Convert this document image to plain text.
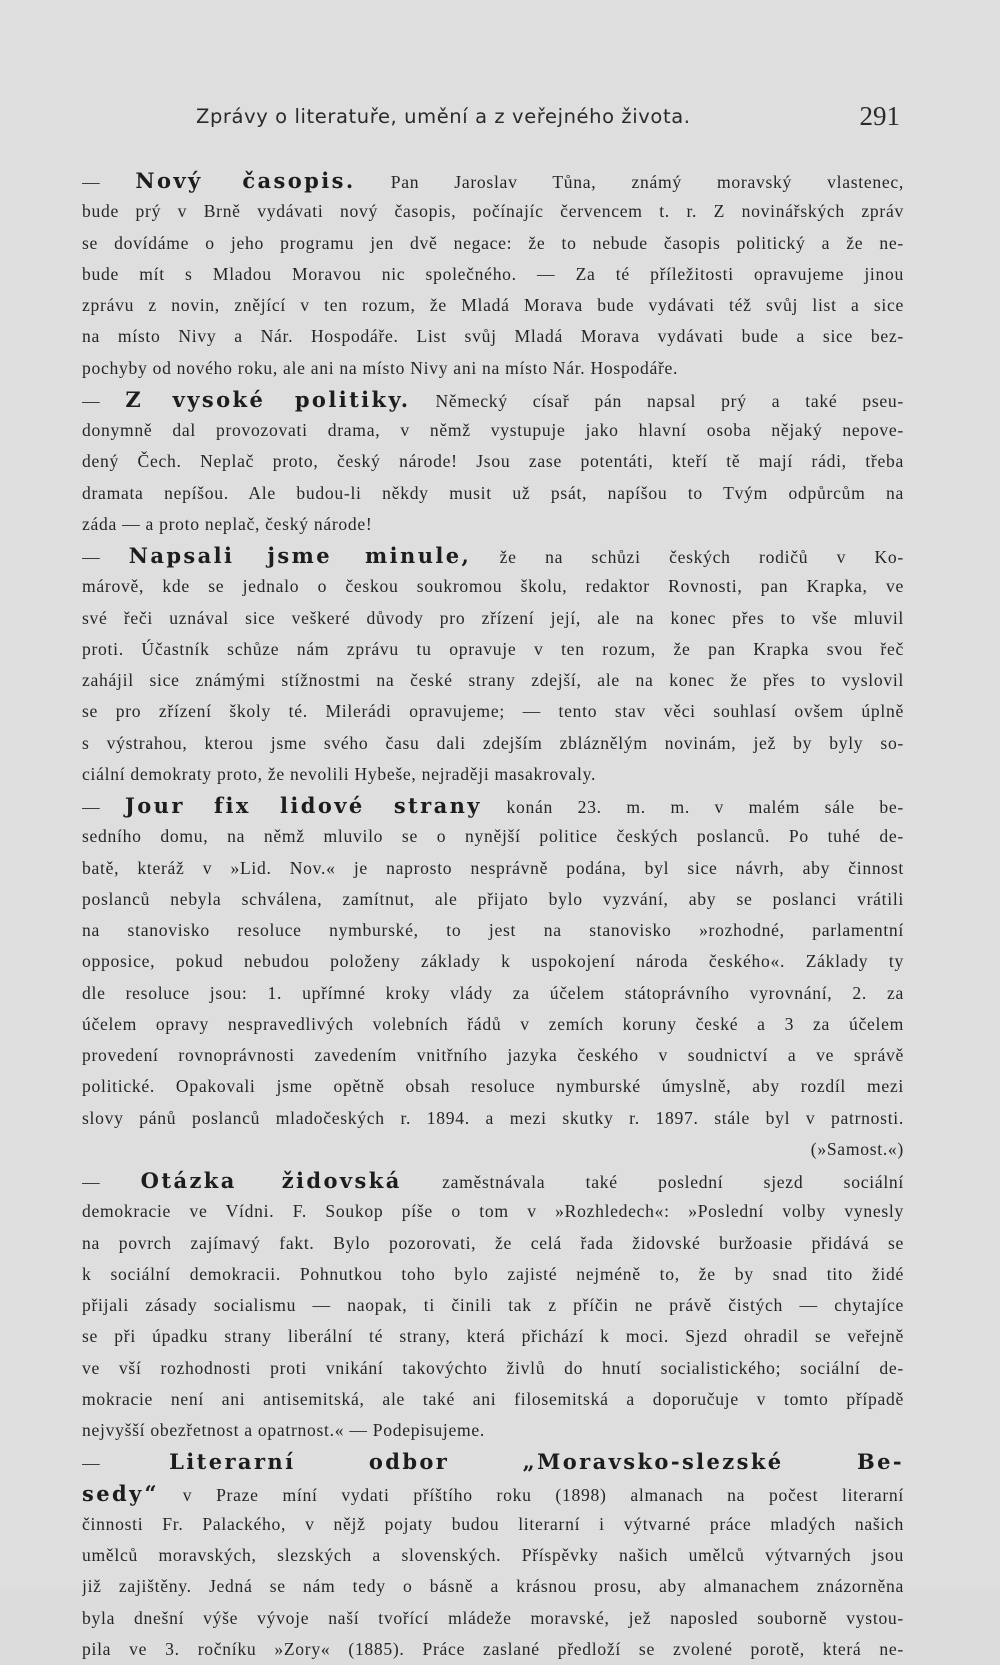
Zprávy o literatuře, umění a z veřejného života.	291
— Nový časopis. Pan Jaroslav Tůna, známý moravský vlastenec,
bude prý v Brně vydávati nový časopis, počínajíc červencem t. r. Z novinářských zpráv
se dovídáme o jeho programu jen dvě negace: že to nebude časopis politický a že ne-
bude mít s Mladou Moravou nic společného. — Za té příležitosti opravujeme jinou
zprávu z novin, znějící v ten rozum, že Mladá Morava bude vydávati též svůj list a sice
na místo Nivy a Nár. Hospodáře. List svůj Mladá Morava vydávati bude a sice bez-
pochyby od nového roku, ale ani na místo Nivy ani na místo Nár. Hospodáře.
— Z vysoké politiky. Německý císař pán napsal prý a také pseu-
donymně dal provozovati drama, v němž vystupuje jako hlavní osoba nějaký nepove-
dený Čech. Neplač proto, český národe! Jsou zase potentáti, kteří tě mají rádi, třeba
dramata nepíšou. Ale budou-li někdy musit už psát, napíšou to Tvým odpůrcům na
záda — a proto neplač, český národe!
— Napsali jsme minule, že na schůzi českých rodičů v Ko-
márově, kde se jednalo o českou soukromou školu, redaktor Rovnosti, pan Krapka, ve
své řeči uznával sice veškeré důvody pro zřízení její, ale na konec přes to vše mluvil
proti. Účastník schůze nám zprávu tu opravuje v ten rozum, že pan Krapka svou řeč
zahájil sice známými stížnostmi na české strany zdejší, ale na konec že přes to vyslovil
se pro zřízení školy té. Milerádi opravujeme; — tento stav věci souhlasí ovšem úplně
s výstrahou, kterou jsme svého času dali zdejším zbláznělým novinám, jež by byly so-
ciální demokraty proto, že nevolili Hybeše, nejraději masakrovaly.
— Jour fix lidové strany konán 23. m. m. v malém sále be-
sedního domu, na němž mluvilo se o nynější politice českých poslanců. Po tuhé de-
batě, kteráž v »Lid. Nov.« je naprosto nesprávně podána, byl sice návrh, aby činnost
poslanců nebyla schválena, zamítnut, ale přijato bylo vyzvání, aby se poslanci vrátili
na stanovisko resoluce nymburské, to jest na stanovisko »rozhodné, parlamentní
opposice, pokud nebudou položeny základy k uspokojení národa českého«. Základy ty
dle resoluce jsou: 1. upřímné kroky vlády za účelem státoprávního vyrovnání, 2. za
účelem opravy nespravedlivých volebních řádů v zemích koruny české a 3 za účelem
provedení rovnoprávnosti zavedením vnitřního jazyka českého v soudnictví a ve správě
politické. Opakovali jsme opětně obsah resoluce nymburské úmyslně, aby rozdíl mezi
slovy pánů poslanců mladočeských r. 1894. a mezi skutky r. 1897. stále byl v patrnosti.
(»Samost.«)
— Otázka židovská zaměstnávala také poslední sjezd sociální
demokracie ve Vídni. F. Soukop píše o tom v »Rozhledech«: »Poslední volby vynesly
na povrch zajímavý fakt. Bylo pozorovati, že celá řada židovské buržoasie přidává se
k sociální demokracii. Pohnutkou toho bylo zajisté nejméně to, že by snad tito židé
přijali zásady socialismu — naopak, ti činili tak z příčin ne právě čistých — chytajíce
se při úpadku strany liberální té strany, která přichází k moci. Sjezd ohradil se veřejně
ve vší rozhodnosti proti vnikání takovýchto živlů do hnutí socialistického; sociální de-
mokracie není ani antisemitská, ale také ani filosemitská a doporučuje v tomto případě
nejvyšší obezřetnost a opatrnost.« — Podepisujeme.
— Literarní odbor „Moravsko-slezské Be-
sedy“ v Praze míní vydati příštího roku (1898) almanach na počest literarní
činnosti Fr. Palackého, v nějž pojaty budou literarní i výtvarné práce mladých našich
umělců moravských, slezských a slovenských. Příspěvky našich umělců výtvarných jsou
již zajištěny. Jedná se nám tedy o básně a krásnou prosu, aby almanachem znázorněna
byla dnešní výše vývoje naší tvořící mládeže moravské, jež naposled souborně vystou-
pila ve 3. ročníku »Zory« (1885). Práce zaslané předloží se zvolené porotě, která ne-
